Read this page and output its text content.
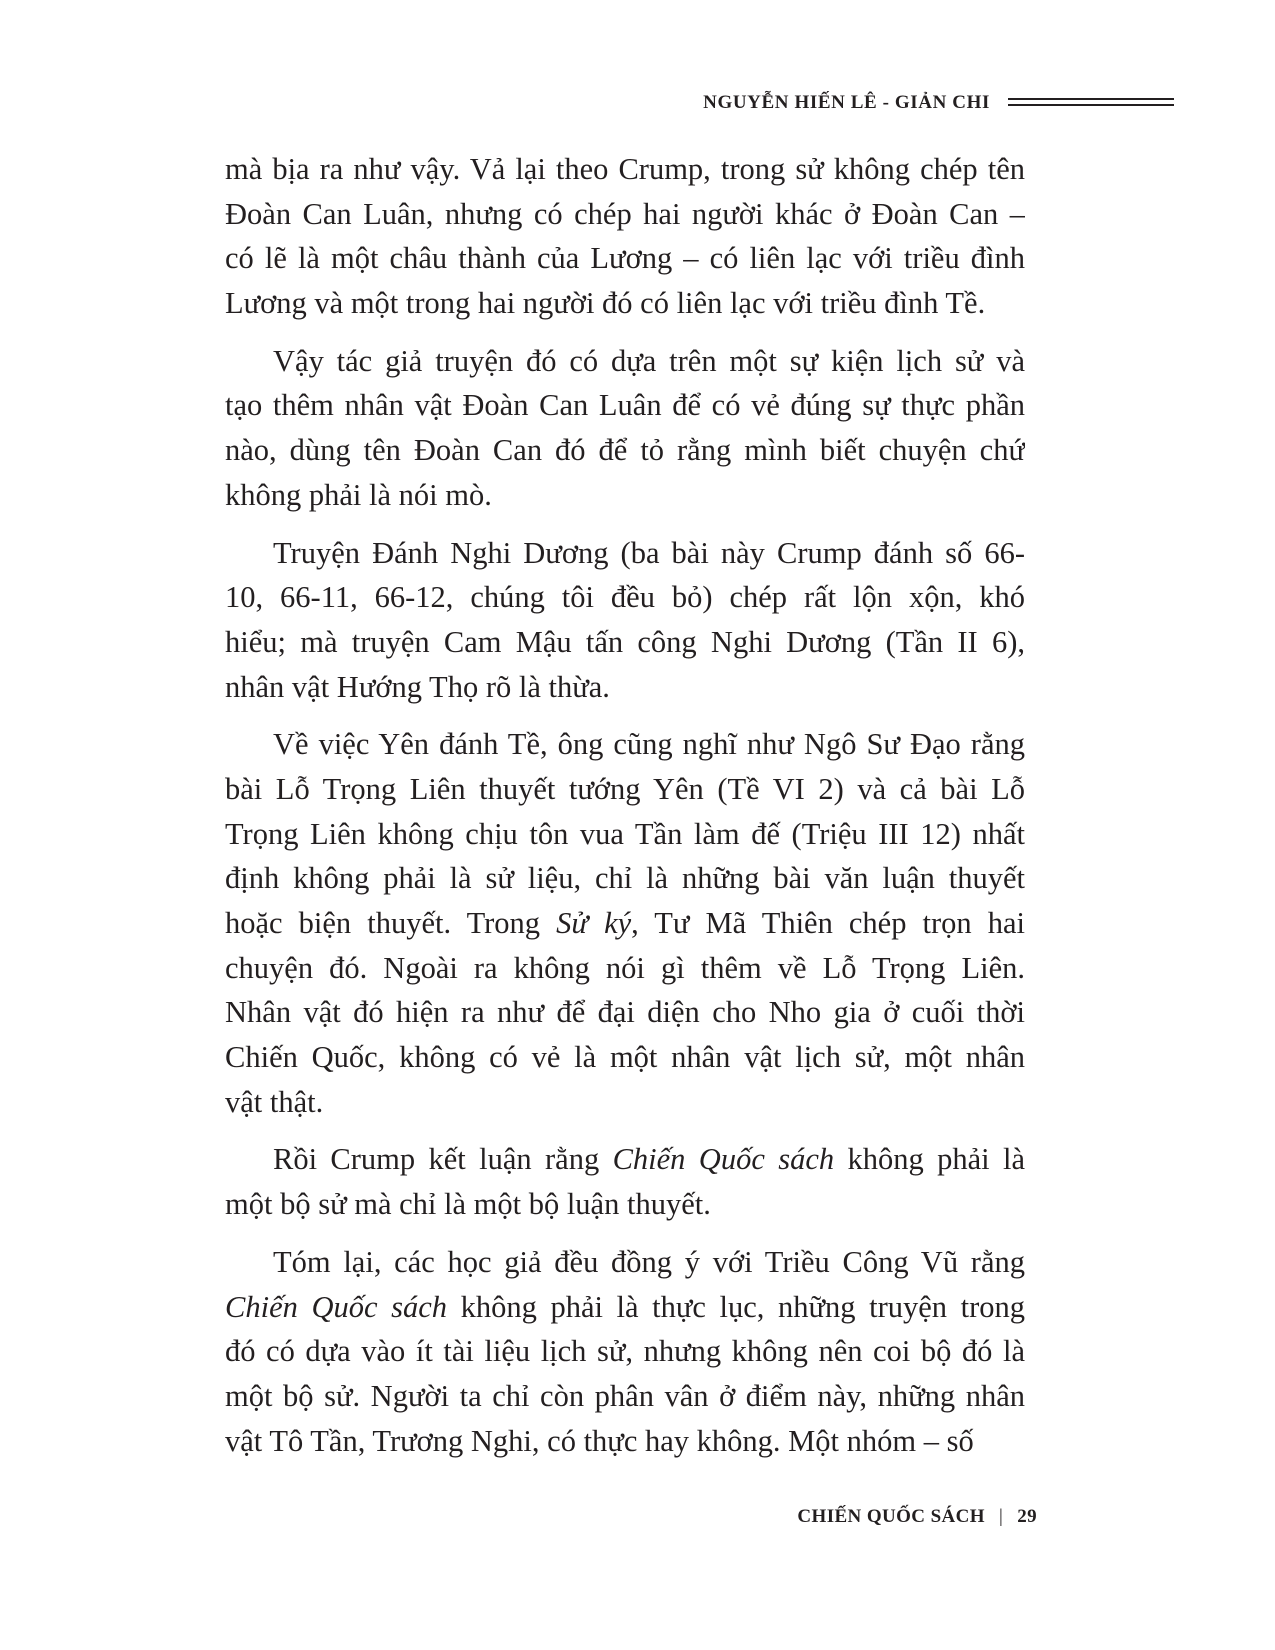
NGUYỄN HIẾN LÊ - GIẢN CHI
mà bịa ra như vậy. Vả lại theo Crump, trong sử không chép tên
Đoàn Can Luân, nhưng có chép hai người khác ở Đoàn Can –
có lẽ là một châu thành của Lương – có liên lạc với triều đình
Lương và một trong hai người đó có liên lạc với triều đình Tề.
Vậy tác giả truyện đó có dựa trên một sự kiện lịch sử và
tạo thêm nhân vật Đoàn Can Luân để có vẻ đúng sự thực phần
nào, dùng tên Đoàn Can đó để tỏ rằng mình biết chuyện chứ
không phải là nói mò.
Truyện Đánh Nghi Dương (ba bài này Crump đánh số 66-
10, 66-11, 66-12, chúng tôi đều bỏ) chép rất lộn xộn, khó
hiểu; mà truyện Cam Mậu tấn công Nghi Dương (Tần II 6),
nhân vật Hướng Thọ rõ là thừa.
Về việc Yên đánh Tề, ông cũng nghĩ như Ngô Sư Đạo rằng
bài Lỗ Trọng Liên thuyết tướng Yên (Tề VI 2) và cả bài Lỗ
Trọng Liên không chịu tôn vua Tần làm đế (Triệu III 12) nhất
định không phải là sử liệu, chỉ là những bài văn luận thuyết
hoặc biện thuyết. Trong Sử ký, Tư Mã Thiên chép trọn hai
chuyện đó. Ngoài ra không nói gì thêm về Lỗ Trọng Liên.
Nhân vật đó hiện ra như để đại diện cho Nho gia ở cuối thời
Chiến Quốc, không có vẻ là một nhân vật lịch sử, một nhân
vật thật.
Rồi Crump kết luận rằng Chiến Quốc sách không phải là
một bộ sử mà chỉ là một bộ luận thuyết.
Tóm lại, các học giả đều đồng ý với Triều Công Vũ rằng
Chiến Quốc sách không phải là thực lục, những truyện trong
đó có dựa vào ít tài liệu lịch sử, nhưng không nên coi bộ đó là
một bộ sử. Người ta chỉ còn phân vân ở điểm này, những nhân
vật Tô Tần, Trương Nghi, có thực hay không. Một nhóm – số
CHIẾN QUỐC SÁCH | 29
